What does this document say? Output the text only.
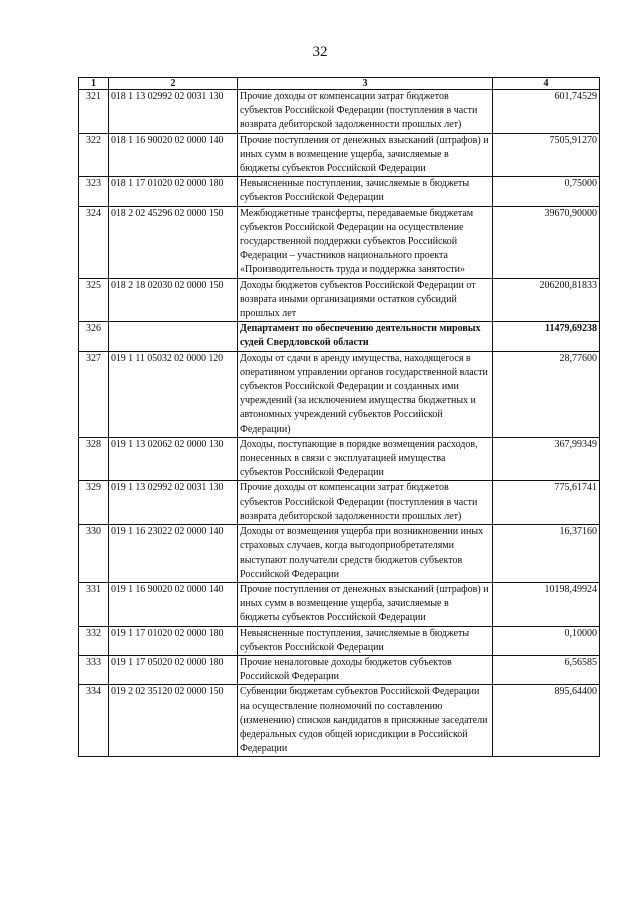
32
1	2	3	4
321	018 1 13 02992 02 0031 130	Прочие доходы от компенсации затрат бюджетов субъектов Российской Федерации (поступления в части возврата дебиторской задолженности прошлых лет)	601,74529
322	018 1 16 90020 02 0000 140	Прочие поступления от денежных взысканий (штрафов) и иных сумм в возмещение ущерба, зачисляемые в бюджеты субъектов Российской Федерации	7505,91270
323	018 1 17 01020 02 0000 180	Невыясненные поступления, зачисляемые в бюджеты субъектов Российской Федерации	0,75000
324	018 2 02 45296 02 0000 150	Межбюджетные трансферты, передаваемые бюджетам субъектов Российской Федерации на осуществление государственной поддержки субъектов Российской Федерации – участников национального проекта «Производительность труда и поддержка занятости»	39670,90000
325	018 2 18 02030 02 0000 150	Доходы бюджетов субъектов Российской Федерации от возврата иными организациями остатков субсидий прошлых лет	206200,81833
326		Департамент по обеспечению деятельности мировых судей Свердловской области	11479,69238
327	019 1 11 05032 02 0000 120	Доходы от сдачи в аренду имущества, находящегося в оперативном управлении органов государственной власти субъектов Российской Федерации и созданных ими учреждений (за исключением имущества бюджетных и автономных учреждений субъектов Российской Федерации)	28,77600
328	019 1 13 02062 02 0000 130	Доходы, поступающие в порядке возмещения расходов, понесенных в связи с эксплуатацией имущества субъектов Российской Федерации	367,99349
329	019 1 13 02992 02 0031 130	Прочие доходы от компенсации затрат бюджетов субъектов Российской Федерации (поступления в части возврата дебиторской задолженности прошлых лет)	775,61741
330	019 1 16 23022 02 0000 140	Доходы от возмещения ущерба при возникновении иных страховых случаев, когда выгодоприобретателями выступают получатели средств бюджетов субъектов Российской Федерации	16,37160
331	019 1 16 90020 02 0000 140	Прочие поступления от денежных взысканий (штрафов) и иных сумм в возмещение ущерба, зачисляемые в бюджеты субъектов Российской Федерации	10198,49924
332	019 1 17 01020 02 0000 180	Невыясненные поступления, зачисляемые в бюджеты субъектов Российской Федерации	0,10000
333	019 1 17 05020 02 0000 180	Прочие неналоговые доходы бюджетов субъектов Российской Федерации	6,56585
334	019 2 02 35120 02 0000 150	Субвенции бюджетам субъектов Российской Федерации на осуществление полномочий по составлению (изменению) списков кандидатов в присяжные заседатели федеральных судов общей юрисдикции в Российской Федерации	895,64400
